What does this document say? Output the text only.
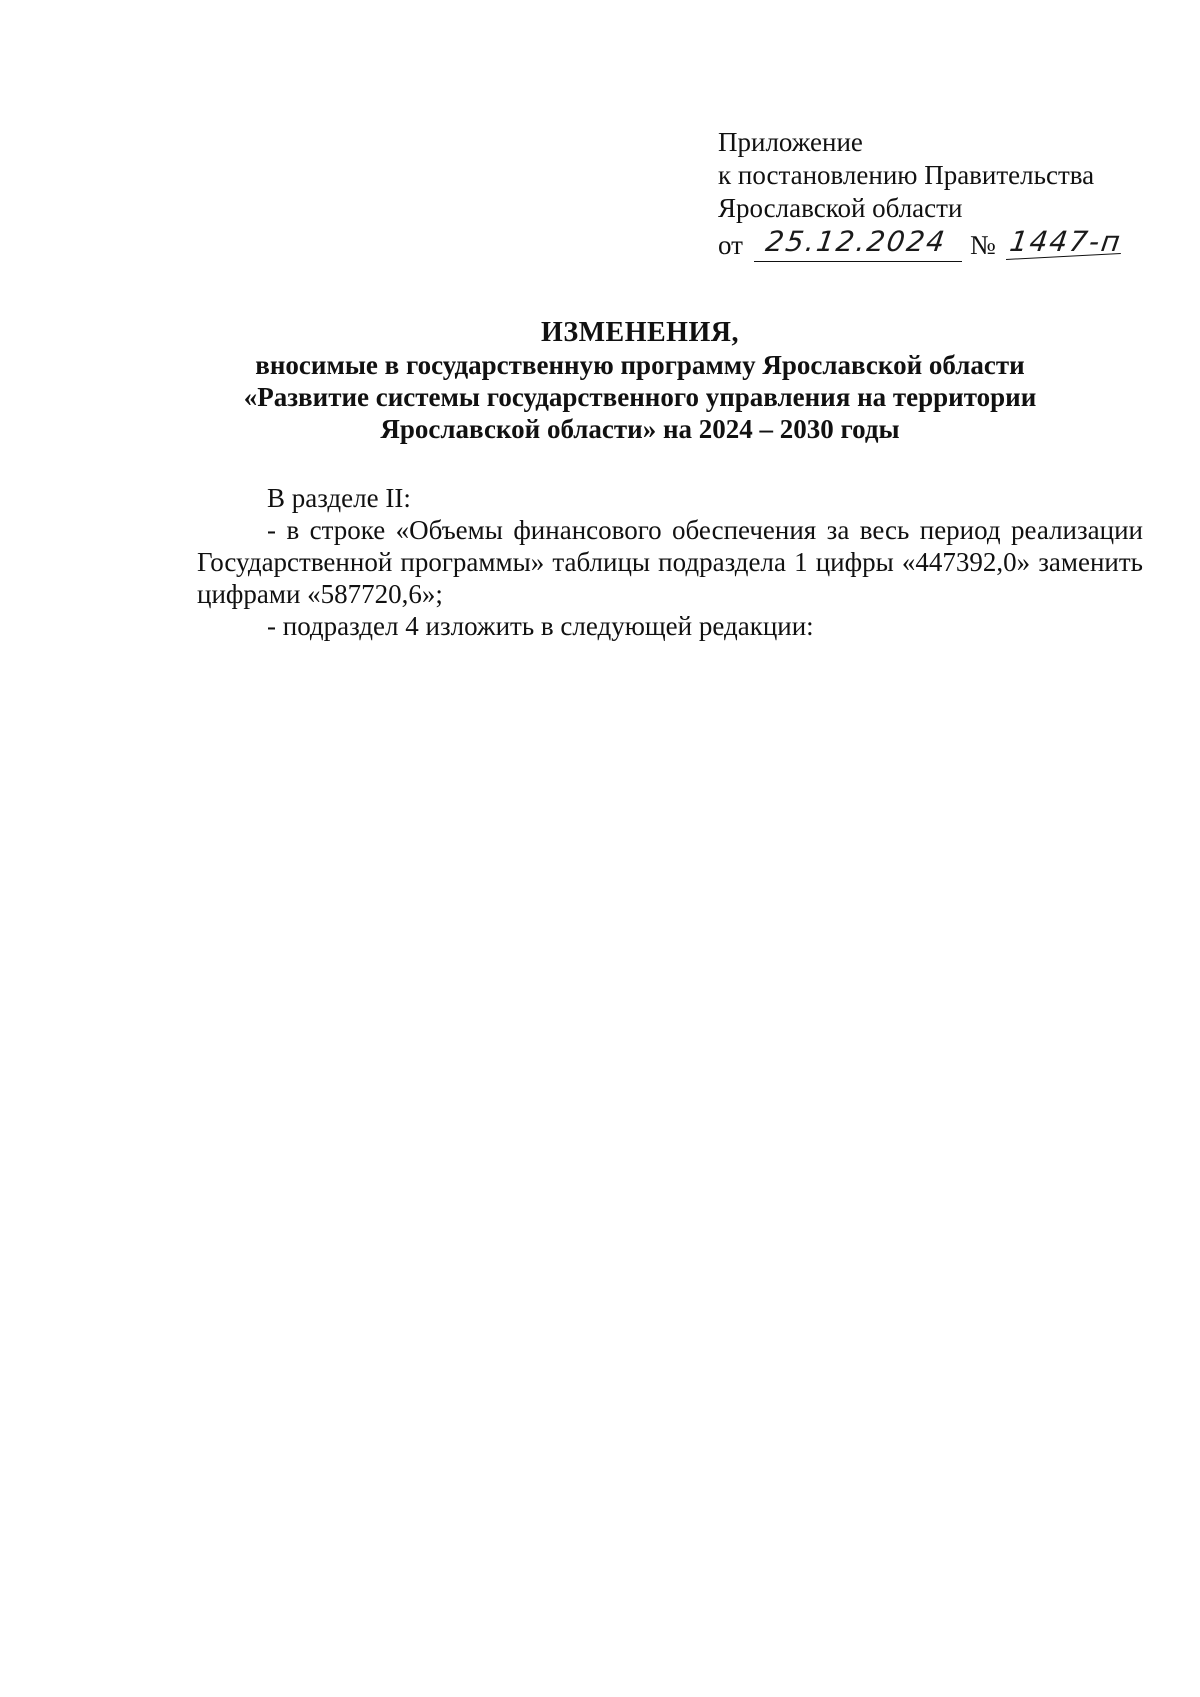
Приложение
к постановлению Правительства
Ярославской области
от 25.12.2024 № 1447-п
ИЗМЕНЕНИЯ,
вносимые в государственную программу Ярославской области
«Развитие системы государственного управления на территории
Ярославской области» на 2024 – 2030 годы

В разделе II:

- в строке «Объемы финансового обеспечения за весь период реализации Государственной программы» таблицы подраздела 1 цифры «447392,0» заменить цифрами «587720,6»;

- подраздел 4 изложить в следующей редакции:
